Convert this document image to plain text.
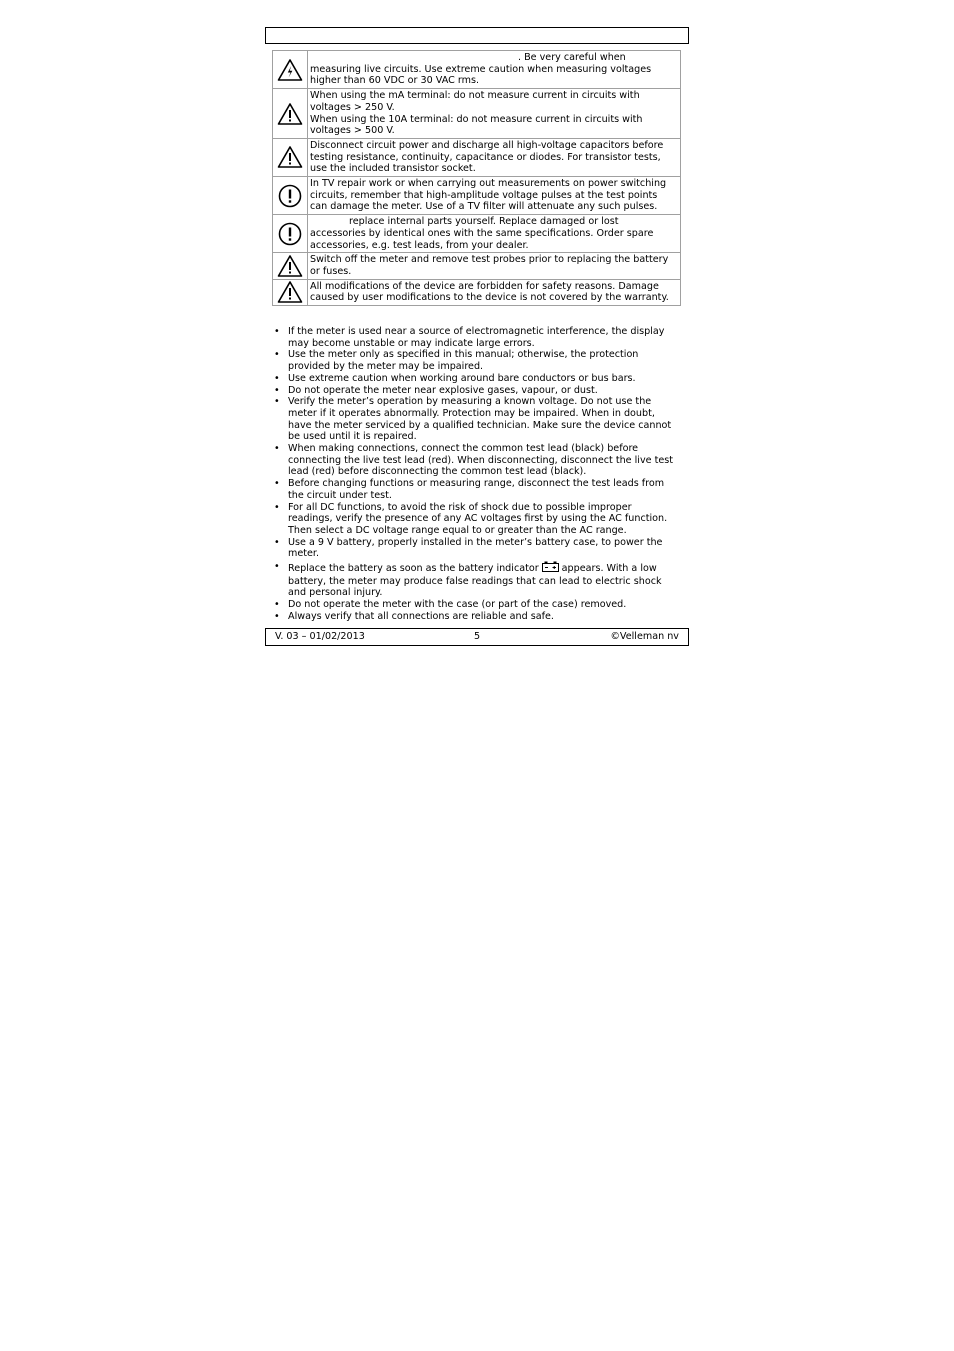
. Be very careful when
measuring live circuits. Use extreme caution when measuring voltages
higher than 60 VDC or 30 VAC rms.

When using the mA terminal: do not measure current in circuits with
voltages > 250 V.
When using the 10A terminal: do not measure current in circuits with
voltages > 500 V.

Disconnect circuit power and discharge all high-voltage capacitors before
testing resistance, continuity, capacitance or diodes. For transistor tests,
use the included transistor socket.

In TV repair work or when carrying out measurements on power switching
circuits, remember that high-amplitude voltage pulses at the test points
can damage the meter. Use of a TV filter will attenuate any such pulses.

replace internal parts yourself. Replace damaged or lost
accessories by identical ones with the same specifications. Order spare
accessories, e.g. test leads, from your dealer.

Switch off the meter and remove test probes prior to replacing the battery
or fuses.

All modifications of the device are forbidden for safety reasons. Damage
caused by user modifications to the device is not covered by the warranty.
• If the meter is used near a source of electromagnetic interference, the display
may become unstable or may indicate large errors.
• Use the meter only as specified in this manual; otherwise, the protection
provided by the meter may be impaired.
• Use extreme caution when working around bare conductors or bus bars.
• Do not operate the meter near explosive gases, vapour, or dust.
• Verify the meter’s operation by measuring a known voltage. Do not use the
meter if it operates abnormally. Protection may be impaired. When in doubt,
have the meter serviced by a qualified technician. Make sure the device cannot
be used until it is repaired.
• When making connections, connect the common test lead (black) before
connecting the live test lead (red). When disconnecting, disconnect the live test
lead (red) before disconnecting the common test lead (black).
• Before changing functions or measuring range, disconnect the test leads from
the circuit under test.
• For all DC functions, to avoid the risk of shock due to possible improper
readings, verify the presence of any AC voltages first by using the AC function.
Then select a DC voltage range equal to or greater than the AC range.
• Use a 9 V battery, properly installed in the meter’s battery case, to power the
meter.
• Replace the battery as soon as the battery indicator appears. With a low
battery, the meter may produce false readings that can lead to electric shock
and personal injury.
• Do not operate the meter with the case (or part of the case) removed.
• Always verify that all connections are reliable and safe.
V. 03 – 01/02/2013	5	©Velleman nv
